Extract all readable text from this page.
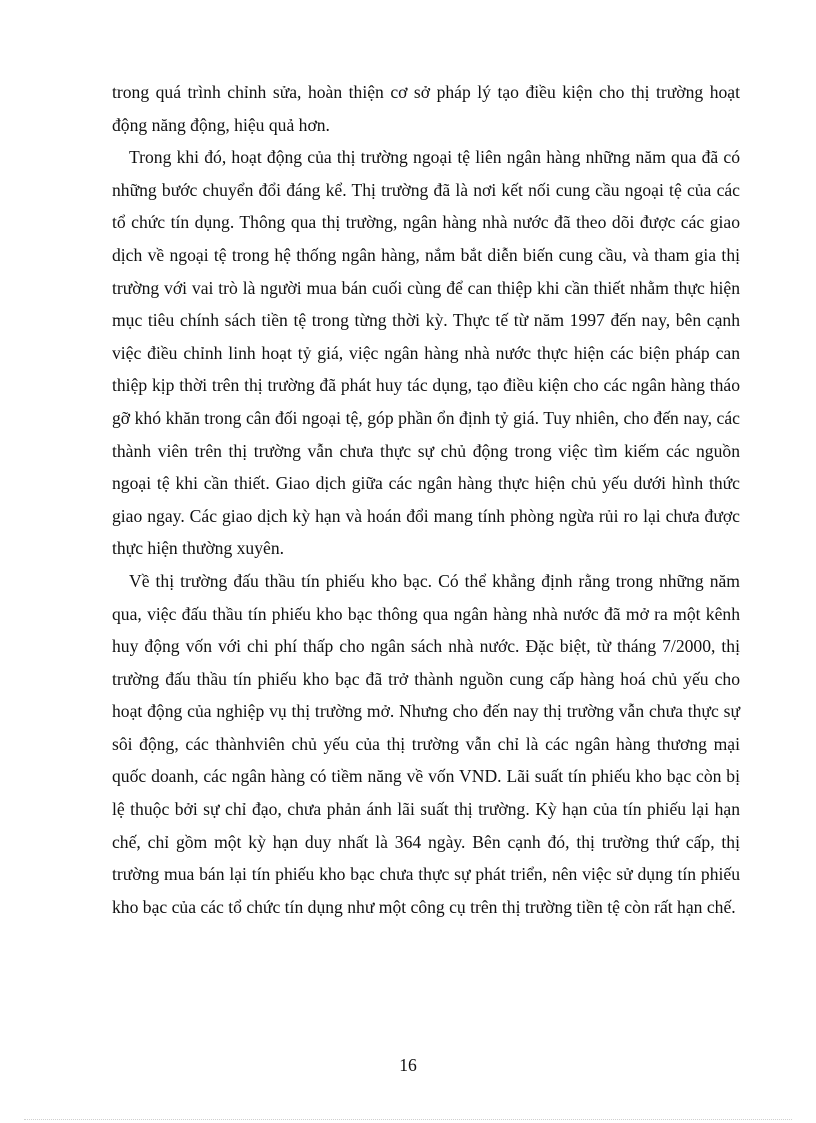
trong quá trình chỉnh sửa, hoàn thiện cơ sở pháp lý tạo điều kiện cho thị trường hoạt động năng động, hiệu quả hơn.

Trong khi đó, hoạt động của thị trường ngoại tệ liên ngân hàng những năm qua đã có những bước chuyển đổi đáng kể. Thị trường đã là nơi kết nối cung cầu ngoại tệ của các tổ chức tín dụng. Thông qua thị trường, ngân hàng nhà nước đã theo dõi được các giao dịch về ngoại tệ trong hệ thống ngân hàng, nắm bắt diễn biến cung cầu, và tham gia thị trường với vai trò là người mua bán cuối cùng để can thiệp khi cần thiết nhằm thực hiện mục tiêu chính sách tiền tệ trong từng thời kỳ. Thực tế từ năm 1997 đến nay, bên cạnh việc điều chỉnh linh hoạt tỷ giá, việc ngân hàng nhà nước thực hiện các biện pháp can thiệp kịp thời trên thị trường đã phát huy tác dụng, tạo điều kiện cho các ngân hàng tháo gỡ khó khăn trong cân đối ngoại tệ, góp phần ổn định tỷ giá. Tuy nhiên, cho đến nay, các thành viên trên thị trường vẫn chưa thực sự chủ động trong việc tìm kiếm các nguồn ngoại tệ khi cần thiết. Giao dịch giữa các ngân hàng thực hiện chủ yếu dưới hình thức giao ngay. Các giao dịch kỳ hạn và hoán đổi mang tính phòng ngừa rủi ro lại chưa được thực hiện thường xuyên.

Về thị trường đấu thầu tín phiếu kho bạc. Có thể khẳng định rằng trong những năm qua, việc đấu thầu tín phiếu kho bạc thông qua ngân hàng nhà nước đã mở ra một kênh huy động vốn với chi phí thấp cho ngân sách nhà nước. Đặc biệt, từ tháng 7/2000, thị trường đấu thầu tín phiếu kho bạc đã trở thành nguồn cung cấp hàng hoá chủ yếu cho hoạt động của nghiệp vụ thị trường mở. Nhưng cho đến nay thị trường vẫn chưa thực sự sôi động, các thànhviên chủ yếu của thị trường vẫn chỉ là các ngân hàng thương mại quốc doanh, các ngân hàng có tiềm năng về vốn VND. Lãi suất tín phiếu kho bạc còn bị lệ thuộc bởi sự chỉ đạo, chưa phản ánh lãi suất thị trường. Kỳ hạn của tín phiếu lại hạn chế, chỉ gồm một kỳ hạn duy nhất là 364 ngày. Bên cạnh đó, thị trường thứ cấp, thị trường mua bán lại tín phiếu kho bạc chưa thực sự phát triển, nên việc sử dụng tín phiếu kho bạc của các tổ chức tín dụng như một công cụ trên thị trường tiền tệ còn rất hạn chế.

16
